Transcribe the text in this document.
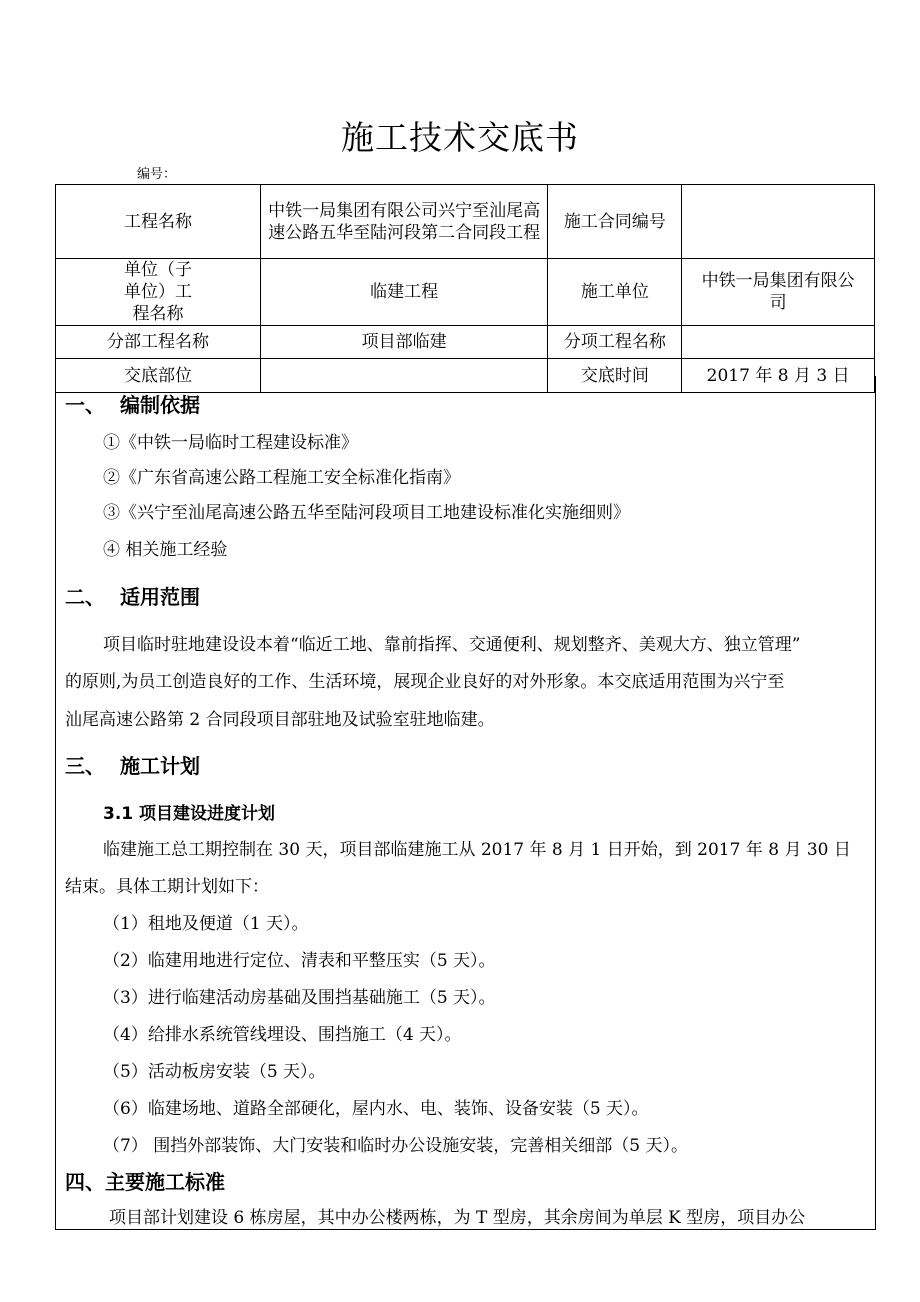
施工技术交底书
编号：
工程名称	中铁一局集团有限公司兴宁至汕尾高速公路五华至陆河段第二合同段工程	施工合同编号	
单位（子单位）工程名称	临建工程	施工单位	中铁一局集团有限公司
分部工程名称	项目部临建	分项工程名称	
交底部位		交底时间	2017 年 8 月 3 日
一、 编制依据
①《中铁一局临时工程建设标准》
②《广东省高速公路工程施工安全标准化指南》
③《兴宁至汕尾高速公路五华至陆河段项目工地建设标准化实施细则》
④ 相关施工经验
二、 适用范围
项目临时驻地建设设本着“临近工地、靠前指挥、交通便利、规划整齐、美观大方、独立管理”
的原则,为员工创造良好的工作、生活环境，展现企业良好的对外形象。本交底适用范围为兴宁至
汕尾高速公路第 2 合同段项目部驻地及试验室驻地临建。
三、 施工计划
3.1 项目建设进度计划
临建施工总工期控制在 30 天，项目部临建施工从 2017 年 8 月 1 日开始，到 2017 年 8 月 30 日
结束。具体工期计划如下：
（1）租地及便道（1 天）。
（2）临建用地进行定位、清表和平整压实（5 天）。
（3）进行临建活动房基础及围挡基础施工（5 天）。
（4）给排水系统管线埋设、围挡施工（4 天）。
（5）活动板房安装（5 天）。
（6）临建场地、道路全部硬化，屋内水、电、装饰、设备安装（5 天）。
（7） 围挡外部装饰、大门安装和临时办公设施安装，完善相关细部（5 天）。
四、主要施工标准
项目部计划建设 6 栋房屋，其中办公楼两栋，为 T 型房，其余房间为单层 K 型房，项目办公
